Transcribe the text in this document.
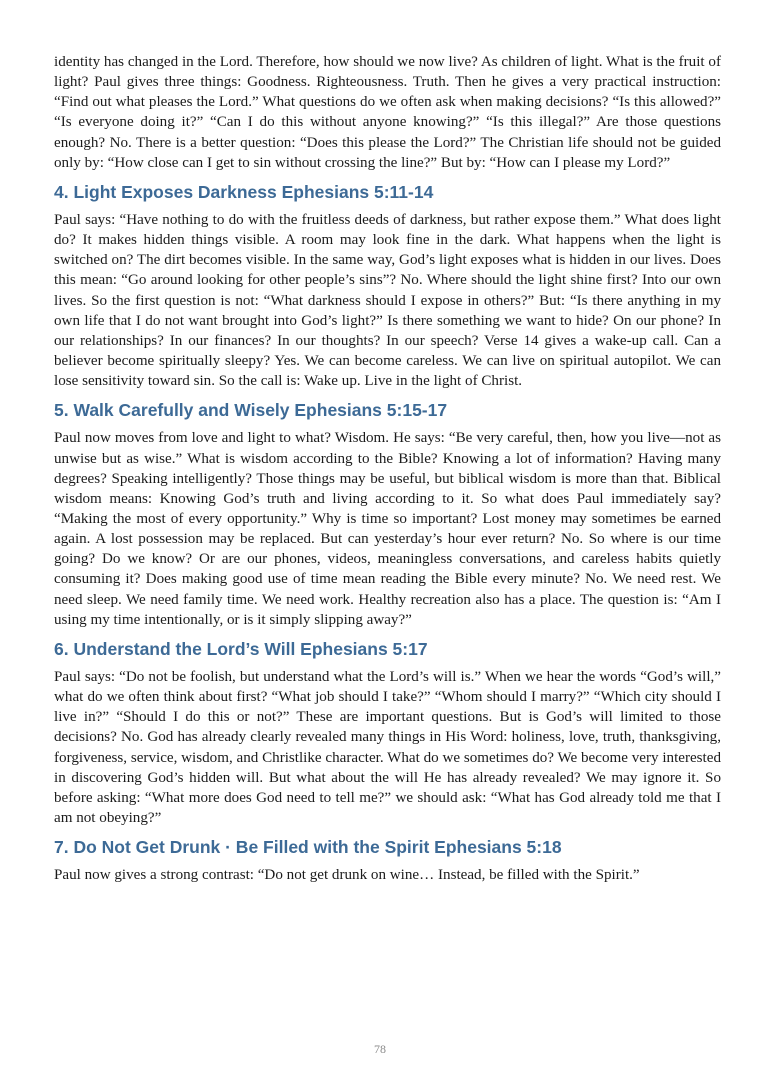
identity has changed in the Lord. Therefore, how should we now live? As children of light. What is the fruit of light? Paul gives three things: Goodness. Righteousness. Truth. Then he gives a very practical instruction: “Find out what pleases the Lord.” What questions do we often ask when making decisions? “Is this allowed?” “Is everyone doing it?” “Can I do this without anyone knowing?” “Is this illegal?” Are those questions enough? No. There is a better question: “Does this please the Lord?” The Christian life should not be guided only by: “How close can I get to sin without crossing the line?” But by: “How can I please my Lord?”

4. Light Exposes Darkness Ephesians 5:11-14

Paul says: “Have nothing to do with the fruitless deeds of darkness, but rather expose them.” What does light do? It makes hidden things visible. A room may look fine in the dark. What happens when the light is switched on? The dirt becomes visible. In the same way, God’s light exposes what is hidden in our lives. Does this mean: “Go around looking for other people’s sins”? No. Where should the light shine first? Into our own lives. So the first question is not: “What darkness should I expose in others?” But: “Is there anything in my own life that I do not want brought into God’s light?” Is there something we want to hide? On our phone? In our relationships? In our finances? In our thoughts? In our speech? Verse 14 gives a wake-up call. Can a believer become spiritually sleepy? Yes. We can become careless. We can live on spiritual autopilot. We can lose sensitivity toward sin. So the call is: Wake up. Live in the light of Christ.

5. Walk Carefully and Wisely Ephesians 5:15-17

Paul now moves from love and light to what? Wisdom. He says: “Be very careful, then, how you live—not as unwise but as wise.” What is wisdom according to the Bible? Knowing a lot of information? Having many degrees? Speaking intelligently? Those things may be useful, but biblical wisdom is more than that. Biblical wisdom means: Knowing God’s truth and living according to it. So what does Paul immediately say? “Making the most of every opportunity.” Why is time so important? Lost money may sometimes be earned again. A lost possession may be replaced. But can yesterday’s hour ever return? No. So where is our time going? Do we know? Or are our phones, videos, meaningless conversations, and careless habits quietly consuming it? Does making good use of time mean reading the Bible every minute? No. We need rest. We need sleep. We need family time. We need work. Healthy recreation also has a place. The question is: “Am I using my time intentionally, or is it simply slipping away?”

6. Understand the Lord’s Will Ephesians 5:17

Paul says: “Do not be foolish, but understand what the Lord’s will is.” When we hear the words “God’s will,” what do we often think about first? “What job should I take?” “Whom should I marry?” “Which city should I live in?” “Should I do this or not?” These are important questions. But is God’s will limited to those decisions? No. God has already clearly revealed many things in His Word: holiness, love, truth, thanksgiving, forgiveness, service, wisdom, and Christlike character. What do we sometimes do? We become very interested in discovering God’s hidden will. But what about the will He has already revealed? We may ignore it. So before asking: “What more does God need to tell me?” we should ask: “What has God already told me that I am not obeying?”

7. Do Not Get Drunk · Be Filled with the Spirit Ephesians 5:18

Paul now gives a strong contrast: “Do not get drunk on wine… Instead, be filled with the Spirit.”

78
